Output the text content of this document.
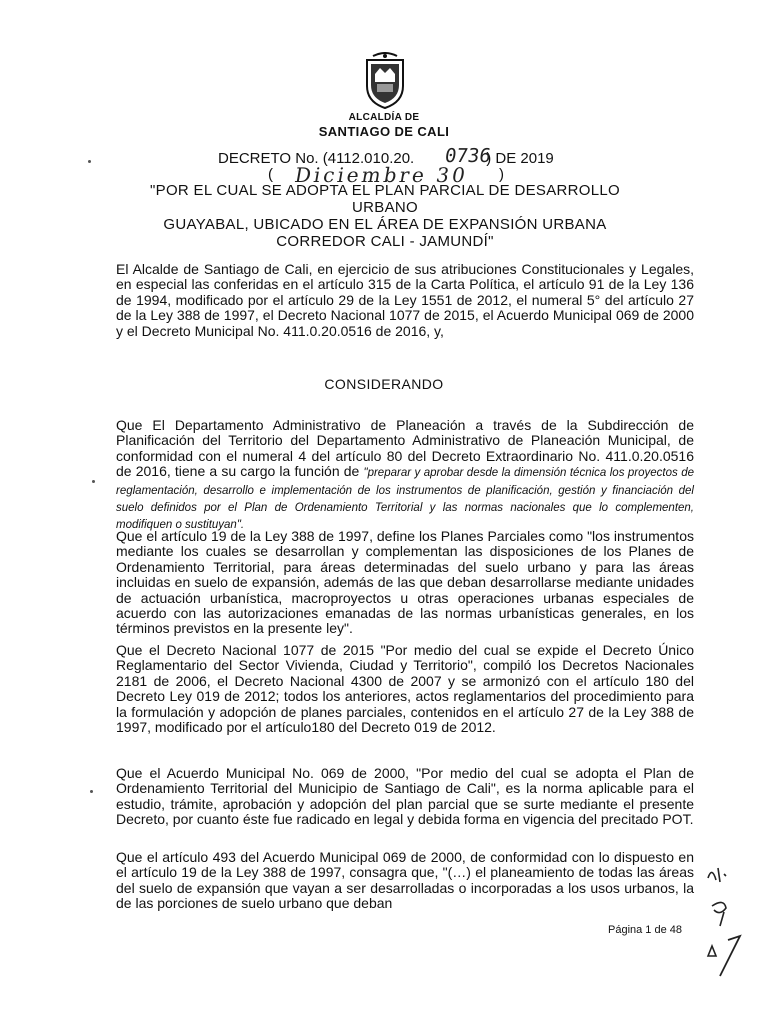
ALCALDÍA DE
SANTIAGO DE CALI
DECRETO No. (4112.010.20.	) DE 2019
0736
(	)
Diciembre 30
"POR EL CUAL SE ADOPTA EL PLAN PARCIAL DE DESARROLLO URBANO
GUAYABAL, UBICADO EN EL ÁREA DE EXPANSIÓN URBANA
CORREDOR CALI - JAMUNDÍ"
El Alcalde de Santiago de Cali, en ejercicio de sus atribuciones Constitucionales y Legales, en especial las conferidas en el artículo 315 de la Carta Política, el artículo 91 de la Ley 136 de 1994, modificado por el artículo 29 de la Ley 1551 de 2012, el numeral 5° del artículo 27 de la Ley 388 de 1997, el Decreto Nacional 1077 de 2015, el Acuerdo Municipal 069 de 2000 y el Decreto Municipal No. 411.0.20.0516 de 2016, y,
CONSIDERANDO
Que El Departamento Administrativo de Planeación a través de la Subdirección de Planificación del Territorio del Departamento Administrativo de Planeación Municipal, de conformidad con el numeral 4 del artículo 80 del Decreto Extraordinario No. 411.0.20.0516 de 2016, tiene a su cargo la función de "preparar y aprobar desde la dimensión técnica los proyectos de reglamentación, desarrollo e implementación de los instrumentos de planificación, gestión y financiación del suelo definidos por el Plan de Ordenamiento Territorial y las normas nacionales que lo complementen, modifiquen o sustituyan".
Que el artículo 19 de la Ley 388 de 1997, define los Planes Parciales como "los instrumentos mediante los cuales se desarrollan y complementan las disposiciones de los Planes de Ordenamiento Territorial, para áreas determinadas del suelo urbano y para las áreas incluidas en suelo de expansión, además de las que deban desarrollarse mediante unidades de actuación urbanística, macroproyectos u otras operaciones urbanas especiales de acuerdo con las autorizaciones emanadas de las normas urbanísticas generales, en los términos previstos en la presente ley".
Que el Decreto Nacional 1077 de 2015 "Por medio del cual se expide el Decreto Único Reglamentario del Sector Vivienda, Ciudad y Territorio", compiló los Decretos Nacionales 2181 de 2006, el Decreto Nacional 4300 de 2007 y se armonizó con el artículo 180 del Decreto Ley 019 de 2012; todos los anteriores, actos reglamentarios del procedimiento para la formulación y adopción de planes parciales, contenidos en el artículo 27 de la Ley 388 de 1997, modificado por el artículo180 del Decreto 019 de 2012.
Que el Acuerdo Municipal No. 069 de 2000, "Por medio del cual se adopta el Plan de Ordenamiento Territorial del Municipio de Santiago de Cali", es la norma aplicable para el estudio, trámite, aprobación y adopción del plan parcial que se surte mediante el presente Decreto, por cuanto éste fue radicado en legal y debida forma en vigencia del precitado POT.
Que el artículo 493 del Acuerdo Municipal 069 de 2000, de conformidad con lo dispuesto en el artículo 19 de la Ley 388 de 1997, consagra que, "(…) el planeamiento de todas las áreas del suelo de expansión que vayan a ser desarrolladas o incorporadas a los usos urbanos, la de las porciones de suelo urbano que deban
Página 1 de 48
